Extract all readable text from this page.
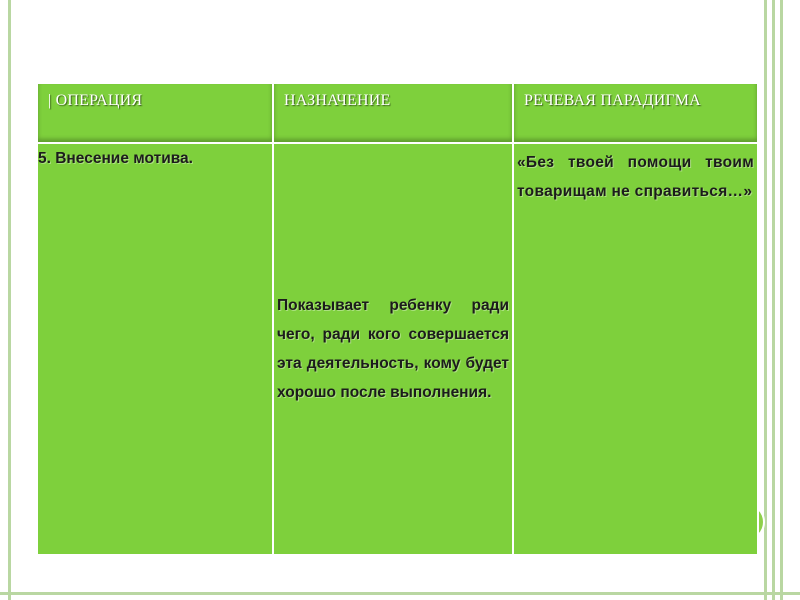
| ОПЕРАЦИЯ	НАЗНАЧЕНИЕ	РЕЧЕВАЯ ПАРАДИГМА

5. Внесение мотива.	Показывает ребенку ради чего, ради кого совершается эта деятельность, кому будет хорошо после выполнения.	«Без твоей помощи твоим товарищам не справиться…»
